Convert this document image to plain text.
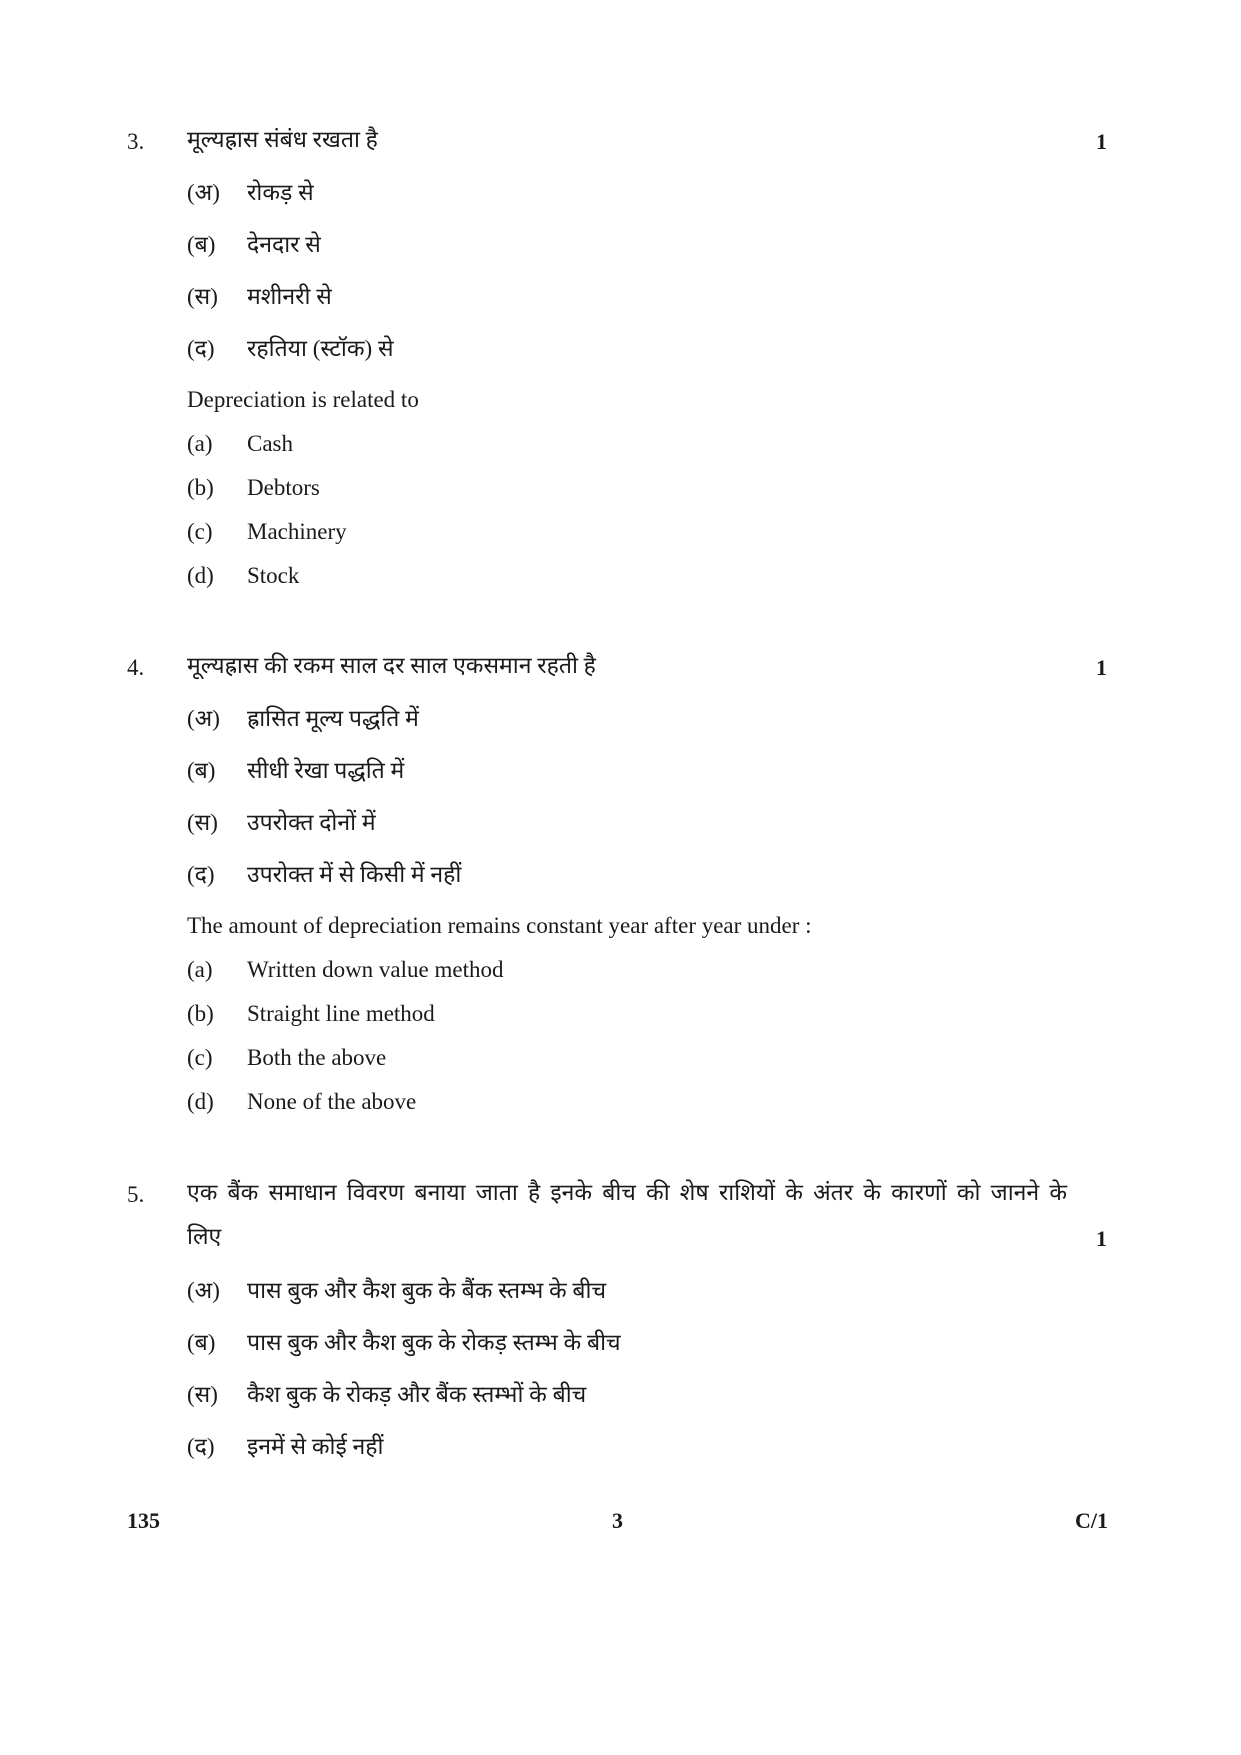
3. मूल्यह्रास संबंध रखता है	1
(अ) रोकड़ से
(ब) देनदार से
(स) मशीनरी से
(द) रहतिया (स्टॉक) से
Depreciation is related to
(a) Cash
(b) Debtors
(c) Machinery
(d) Stock
4. मूल्यह्रास की रकम साल दर साल एकसमान रहती है	1
(अ) ह्रासित मूल्य पद्धति में
(ब) सीधी रेखा पद्धति में
(स) उपरोक्त दोनों में
(द) उपरोक्त में से किसी में नहीं
The amount of depreciation remains constant year after year under :
(a) Written down value method
(b) Straight line method
(c) Both the above
(d) None of the above
5. एक बैंक समाधान विवरण बनाया जाता है इनके बीच की शेष राशियों के अंतर के कारणों को जानने के
लिए	1
(अ) पास बुक और कैश बुक के बैंक स्तम्भ के बीच
(ब) पास बुक और कैश बुक के रोकड़ स्तम्भ के बीच
(स) कैश बुक के रोकड़ और बैंक स्तम्भों के बीच
(द) इनमें से कोई नहीं
135	3	C/1
